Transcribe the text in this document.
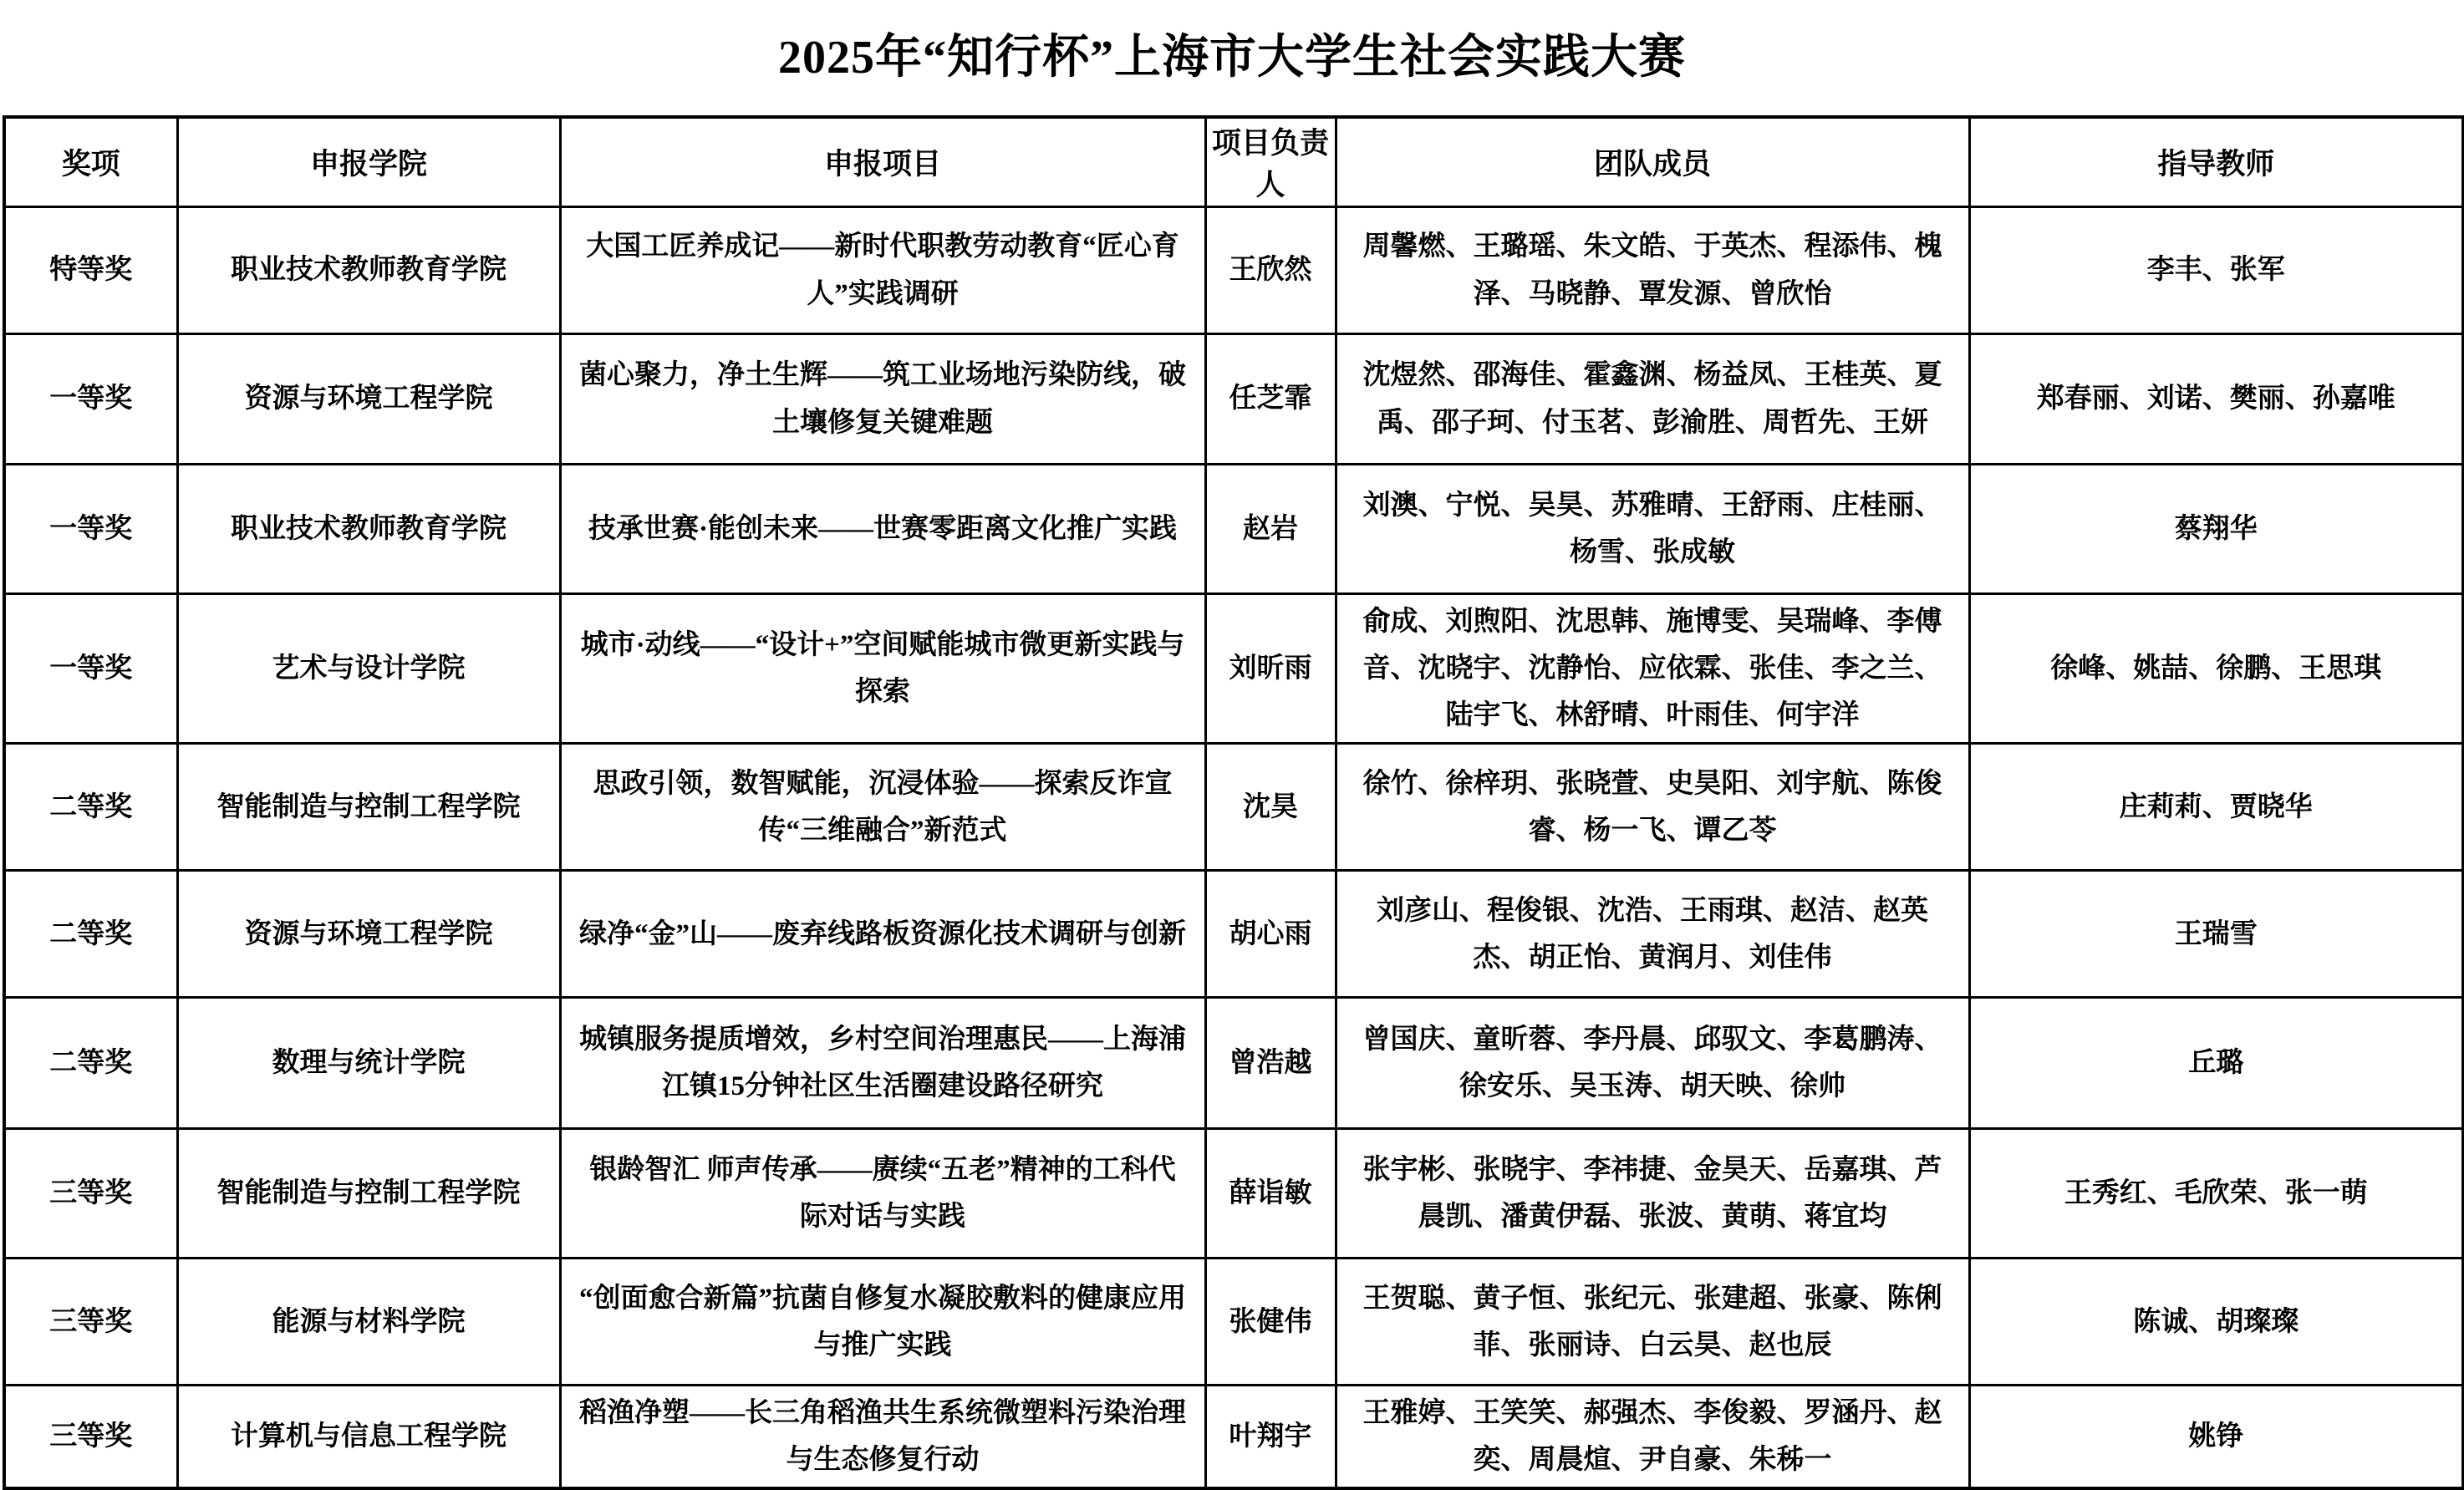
2025年“知行杯”上海市大学生社会实践大赛
奖项	申报学院	申报项目	项目负责人	团队成员	指导教师
特等奖	职业技术教师教育学院	大国工匠养成记——新时代职教劳动教育“匠心育人”实践调研	王欣然	周馨燃、王璐瑶、朱文皓、于英杰、程添伟、槐泽、马晓静、覃发源、曾欣怡	李丰、张军
一等奖	资源与环境工程学院	菌心聚力，净土生辉——筑工业场地污染防线，破土壤修复关键难题	任芝霏	沈煜然、邵海佳、霍鑫渊、杨益凤、王桂英、夏禹、邵子珂、付玉茗、彭渝胜、周哲先、王妍	郑春丽、刘诺、樊丽、孙嘉唯
一等奖	职业技术教师教育学院	技承世赛·能创未来——世赛零距离文化推广实践	赵岩	刘澳、宁悦、吴昊、苏雅晴、王舒雨、庄桂丽、杨雪、张成敏	蔡翔华
一等奖	艺术与设计学院	城市·动线——“设计+”空间赋能城市微更新实践与探索	刘昕雨	俞成、刘煦阳、沈思韩、施博雯、吴瑞峰、李傅音、沈晓宇、沈静怡、应依霖、张佳、李之兰、陆宇飞、林舒晴、叶雨佳、何宇洋	徐峰、姚喆、徐鹏、王思琪
二等奖	智能制造与控制工程学院	思政引领，数智赋能，沉浸体验——探索反诈宣传“三维融合”新范式	沈昊	徐竹、徐梓玥、张晓萱、史昊阳、刘宇航、陈俊睿、杨一飞、谭乙苓	庄莉莉、贾晓华
二等奖	资源与环境工程学院	绿净“金”山——废弃线路板资源化技术调研与创新	胡心雨	刘彦山、程俊银、沈浩、王雨琪、赵洁、赵英杰、胡正怡、黄润月、刘佳伟	王瑞雪
二等奖	数理与统计学院	城镇服务提质增效，乡村空间治理惠民——上海浦江镇15分钟社区生活圈建设路径研究	曾浩越	曾国庆、童昕蓉、李丹晨、邱驭文、李葛鹏涛、徐安乐、吴玉涛、胡天映、徐帅	丘璐
三等奖	智能制造与控制工程学院	银龄智汇 师声传承——赓续“五老”精神的工科代际对话与实践	薛诣敏	张宇彬、张晓宇、李祎捷、金昊天、岳嘉琪、芦晨凯、潘黄伊磊、张波、黄萌、蒋宜均	王秀红、毛欣荣、张一萌
三等奖	能源与材料学院	“创面愈合新篇”抗菌自修复水凝胶敷料的健康应用与推广实践	张健伟	王贺聪、黄子恒、张纪元、张建超、张豪、陈俐菲、张丽诗、白云昊、赵也辰	陈诚、胡璨璨
三等奖	计算机与信息工程学院	稻渔净塑——长三角稻渔共生系统微塑料污染治理与生态修复行动	叶翔宇	王雅婷、王笑笑、郝强杰、李俊毅、罗涵丹、赵奕、周晨煊、尹自豪、朱秭一	姚铮
